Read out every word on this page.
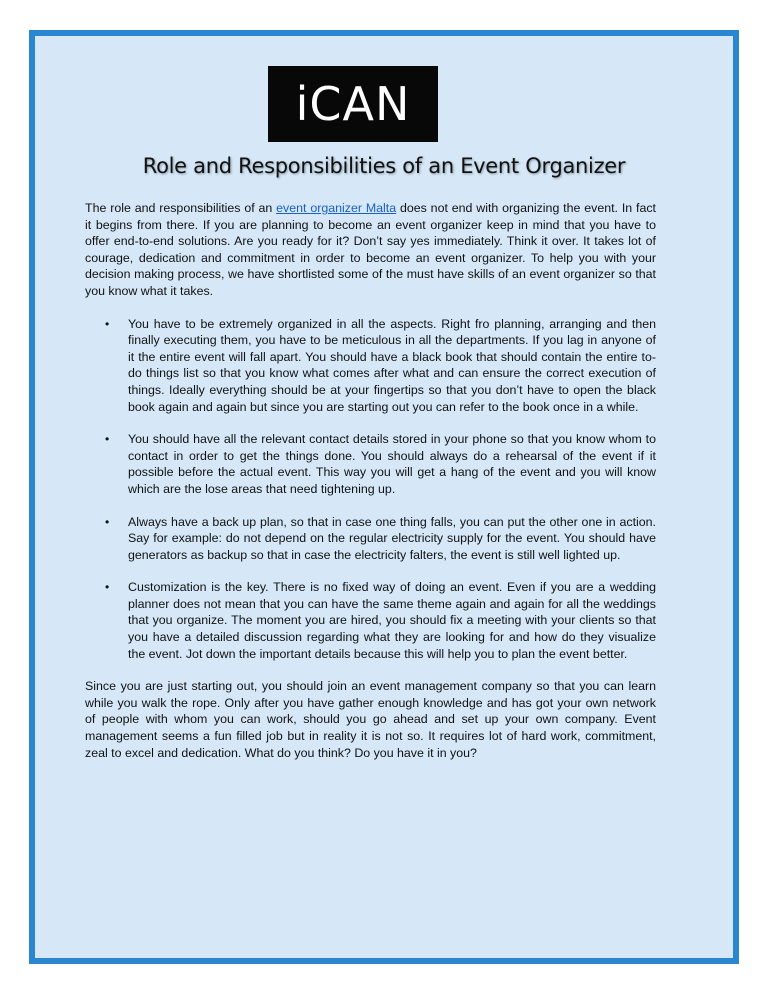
iCAN
Role and Responsibilities of an Event Organizer

The role and responsibilities of an event organizer Malta does not end with organizing the event. In fact it begins from there. If you are planning to become an event organizer keep in mind that you have to offer end-to-end solutions. Are you ready for it? Don’t say yes immediately. Think it over. It takes lot of courage, dedication and commitment in order to become an event organizer. To help you with your decision making process, we have shortlisted some of the must have skills of an event organizer so that you know what it takes.

• You have to be extremely organized in all the aspects. Right fro planning, arranging and then finally executing them, you have to be meticulous in all the departments. If you lag in anyone of it the entire event will fall apart. You should have a black book that should contain the entire to-do things list so that you know what comes after what and can ensure the correct execution of things. Ideally everything should be at your fingertips so that you don’t have to open the black book again and again but since you are starting out you can refer to the book once in a while.
• You should have all the relevant contact details stored in your phone so that you know whom to contact in order to get the things done. You should always do a rehearsal of the event if it possible before the actual event. This way you will get a hang of the event and you will know which are the lose areas that need tightening up.
• Always have a back up plan, so that in case one thing falls, you can put the other one in action. Say for example: do not depend on the regular electricity supply for the event. You should have generators as backup so that in case the electricity falters, the event is still well lighted up.
• Customization is the key. There is no fixed way of doing an event. Even if you are a wedding planner does not mean that you can have the same theme again and again for all the weddings that you organize. The moment you are hired, you should fix a meeting with your clients so that you have a detailed discussion regarding what they are looking for and how do they visualize the event. Jot down the important details because this will help you to plan the event better.

Since you are just starting out, you should join an event management company so that you can learn while you walk the rope. Only after you have gather enough knowledge and has got your own network of people with whom you can work, should you go ahead and set up your own company. Event management seems a fun filled job but in reality it is not so. It requires lot of hard work, commitment, zeal to excel and dedication. What do you think? Do you have it in you?
